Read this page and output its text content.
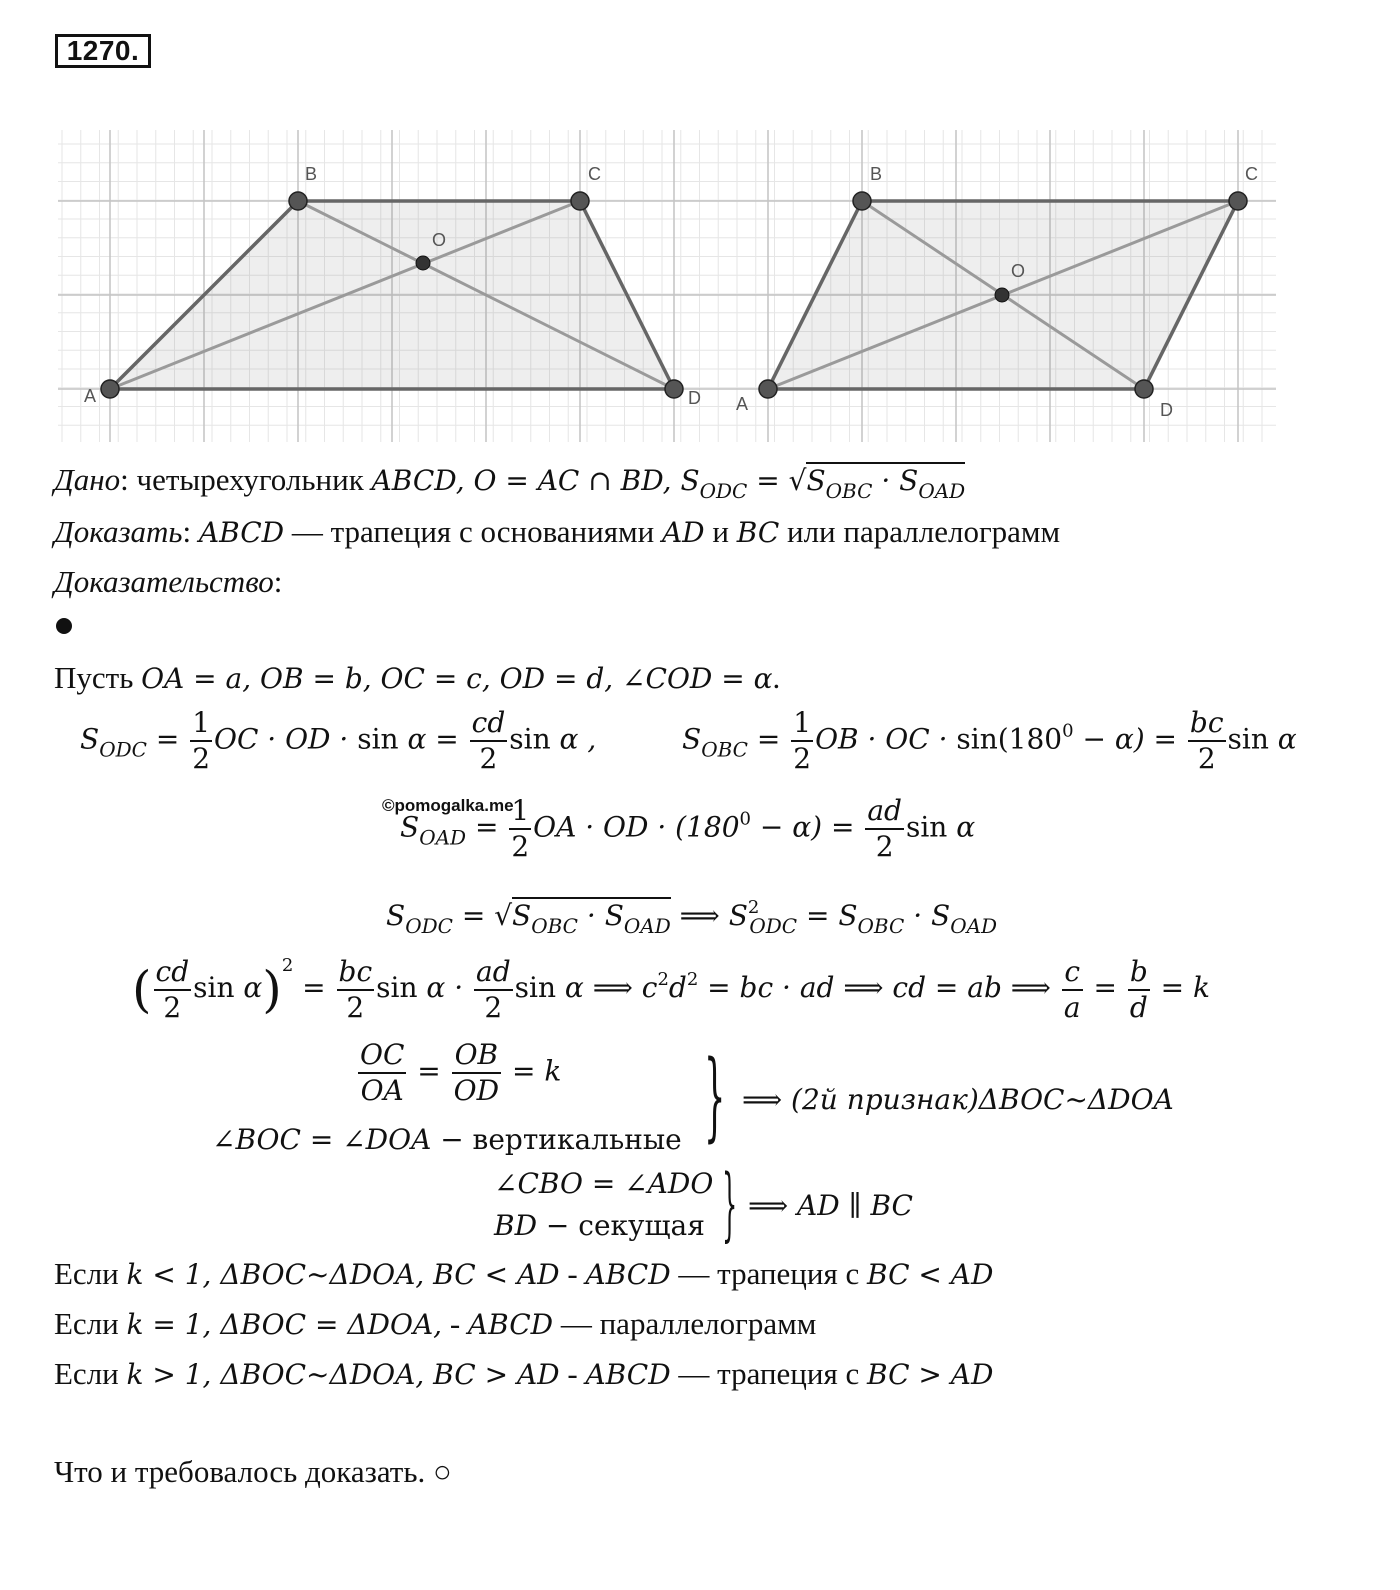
1270.
A
B	C
D
O
A
B	C
D
O
Дано: четырехугольник ABCD, O = AC ∩ BD, $S_{ODC} = √S_{OBC} \cdot S_{OAD}$
Доказать: ABCD — трапеция с основаниями AD и BC или параллелограмм
Доказательство:
Пусть OA = a, OB = b, OC = c, OD = d, ∠COD = α.
$S_{ODC} = \frac{1}{2}$ OC · OD · $\sin \alpha = \frac{cd}{2}$ sin α ,	$S_{OBC} = \frac{1}{2}$ OB · OC · $\sin(180^0 - \alpha) = \frac{bc}{2}$ sin α
©pomogalka.me
$S_{OAD} = \frac{1}{2}$ OA · OD · $(180^0 - \alpha) = \frac{ad}{2}$ sin α
$S_{ODC} = √S_{OBC} \cdot S_{OAD}$ ⟹ $S^2_{ODC} = S_{OBC} \cdot S_{OAD}$
( $\frac{cd}{2}$ $\sin \alpha)^2 = \frac{bc}{2}$ $\sin \alpha \cdot \frac{ad}{2}$ sin α ⟹ $c^2d^2$ = bc · ad ⟹ cd = ab ⟹ $\frac{c}{a} = \frac{b}{d} = k$
$\frac{OC}{OA} = \frac{OB}{OD} = k$
∠BOC = ∠DOA − вертикальные } ⟹ (2й признак)ΔBOC~ΔDOA
∠CBO = ∠ADO
BD − секущая } ⟹ AD ∥ BC
Если k < 1, ΔBOC~ΔDOA, BC < AD - ABCD — трапеция с BC < AD
Если k = 1, ΔBOC = ΔDOA, - ABCD — параллелограмм
Если k > 1, ΔBOC~ΔDOA, BC > AD - ABCD — трапеция с BC > AD
Что и требовалось доказать. ○
